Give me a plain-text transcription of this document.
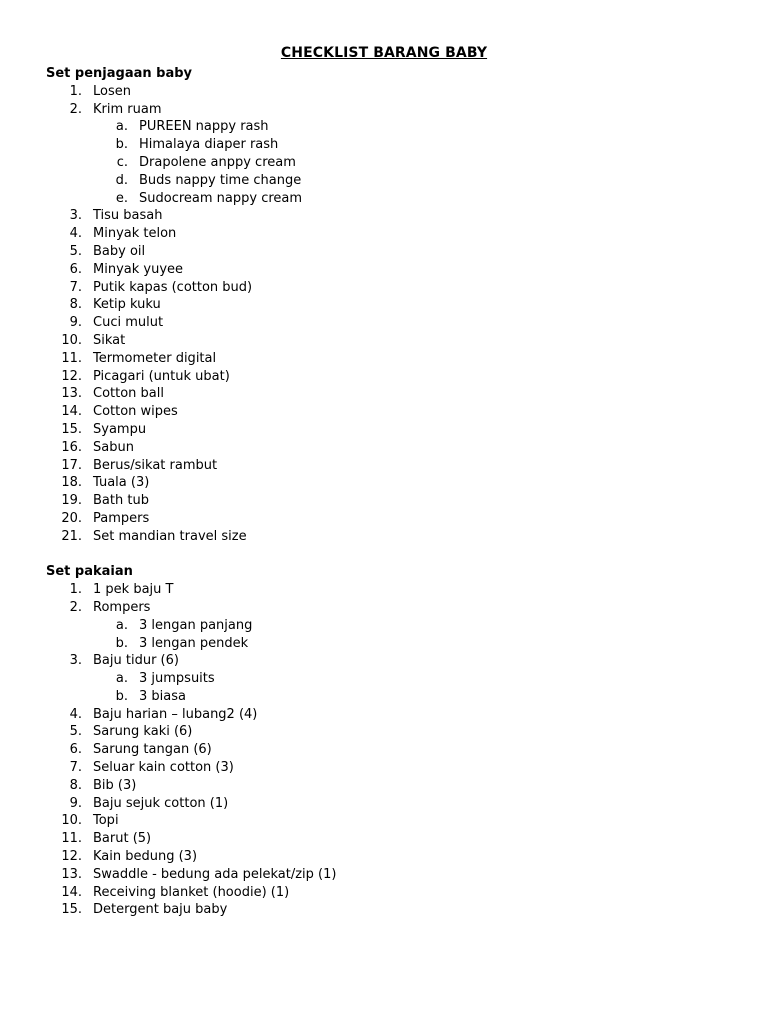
CHECKLIST BARANG BABY
Set penjagaan baby
1. Losen
2. Krim ruam
a. PUREEN nappy rash
b. Himalaya diaper rash
c. Drapolene anppy cream
d. Buds nappy time change
e. Sudocream nappy cream
3. Tisu basah
4. Minyak telon
5. Baby oil
6. Minyak yuyee
7. Putik kapas (cotton bud)
8. Ketip kuku
9. Cuci mulut
10. Sikat
11. Termometer digital
12. Picagari (untuk ubat)
13. Cotton ball
14. Cotton wipes
15. Syampu
16. Sabun
17. Berus/sikat rambut
18. Tuala (3)
19. Bath tub
20. Pampers
21. Set mandian travel size
Set pakaian
1. 1 pek baju T
2. Rompers
a. 3 lengan panjang
b. 3 lengan pendek
3. Baju tidur (6)
a. 3 jumpsuits
b. 3 biasa
4. Baju harian – lubang2 (4)
5. Sarung kaki (6)
6. Sarung tangan (6)
7. Seluar kain cotton (3)
8. Bib (3)
9. Baju sejuk cotton (1)
10. Topi
11. Barut (5)
12. Kain bedung (3)
13. Swaddle - bedung ada pelekat/zip (1)
14. Receiving blanket (hoodie) (1)
15. Detergent baju baby
